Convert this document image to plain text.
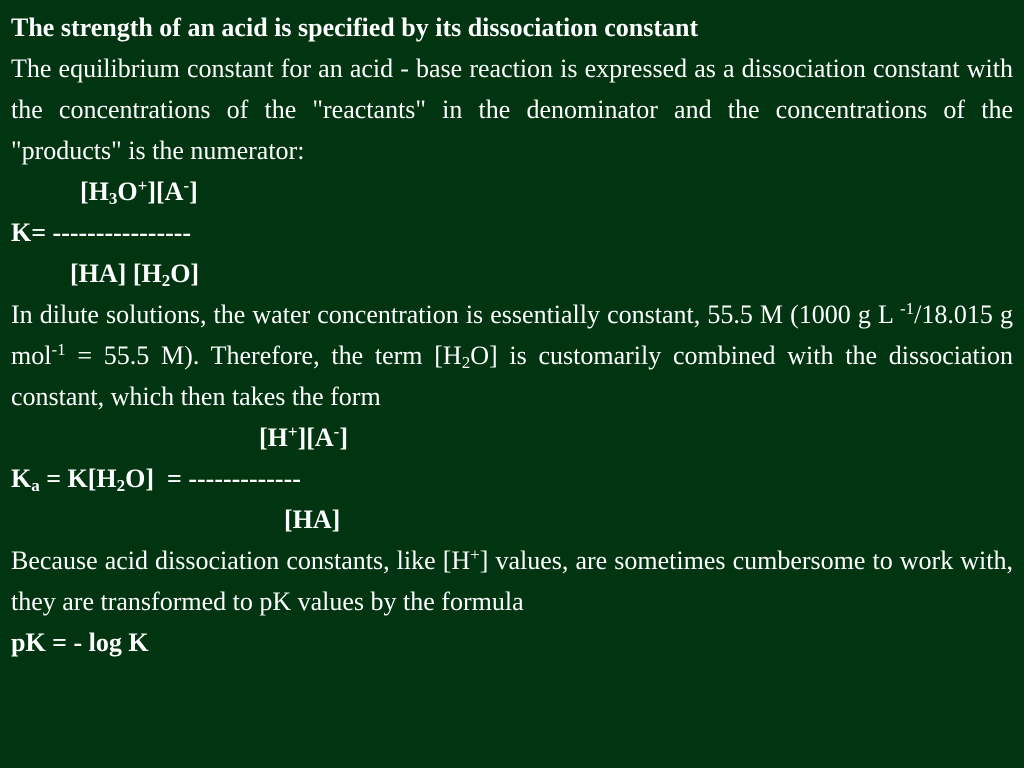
The strength of an acid is specified by its dissociation constant

The equilibrium constant for an acid - base reaction is expressed as a dissociation constant with the concentrations of the "reactants" in the denominator and the concentrations of the "products" is the numerator:

$[H_3O^+][A^-]$

K= ----------------

[HA] $[H_2O]$

In dilute solutions, the water concentration is essentially constant, 55.5 M (1000 g L $^{-1}$/18.015 g mol$^{-1}$ = 55.5 M). Therefore, the term $[H_2O]$ is customarily combined with the dissociation constant, which then takes the form

[H+][A-]

$K_a = K[H_2O]$  = -------------

[HA]

Because acid dissociation constants, like [H+] values, are sometimes cumbersome to work with, they are transformed to pK values by the formula

pK = - log K
